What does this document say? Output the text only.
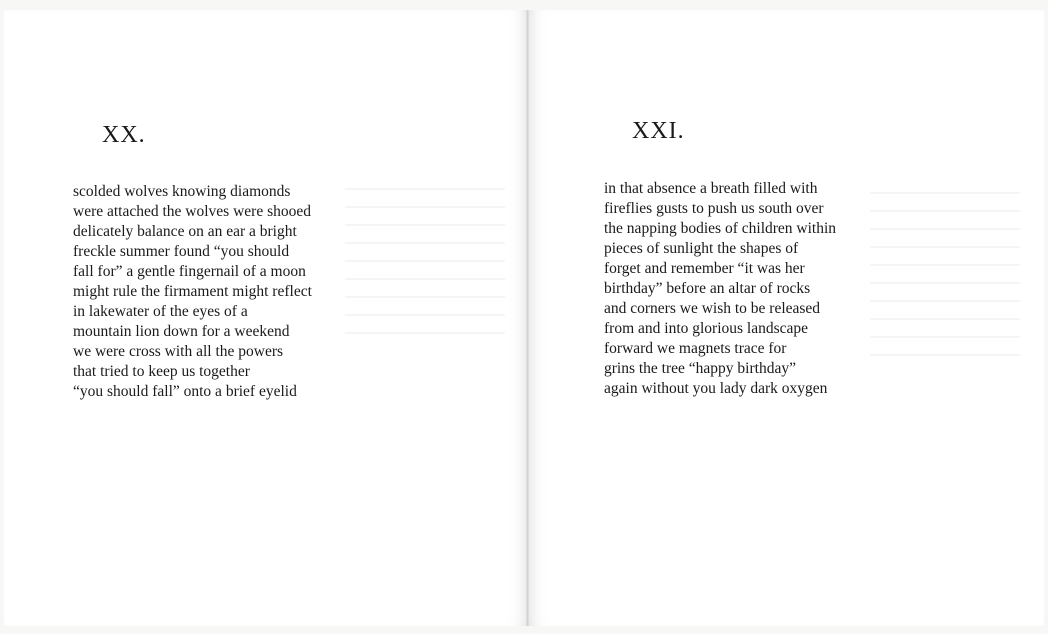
XX.
scolded wolves knowing diamonds
were attached the wolves were shooed
delicately balance on an ear a bright
freckle summer found “you should
fall for” a gentle fingernail of a moon
might rule the firmament might reflect
in lakewater of the eyes of a
mountain lion down for a weekend
we were cross with all the powers
that tried to keep us together
“you should fall” onto a brief eyelid
XXI.
in that absence a breath filled with
fireflies gusts to push us south over
the napping bodies of children within
pieces of sunlight the shapes of
forget and remember “it was her
birthday” before an altar of rocks
and corners we wish to be released
from and into glorious landscape
forward we magnets trace for
grins the tree “happy birthday”
again without you lady dark oxygen
